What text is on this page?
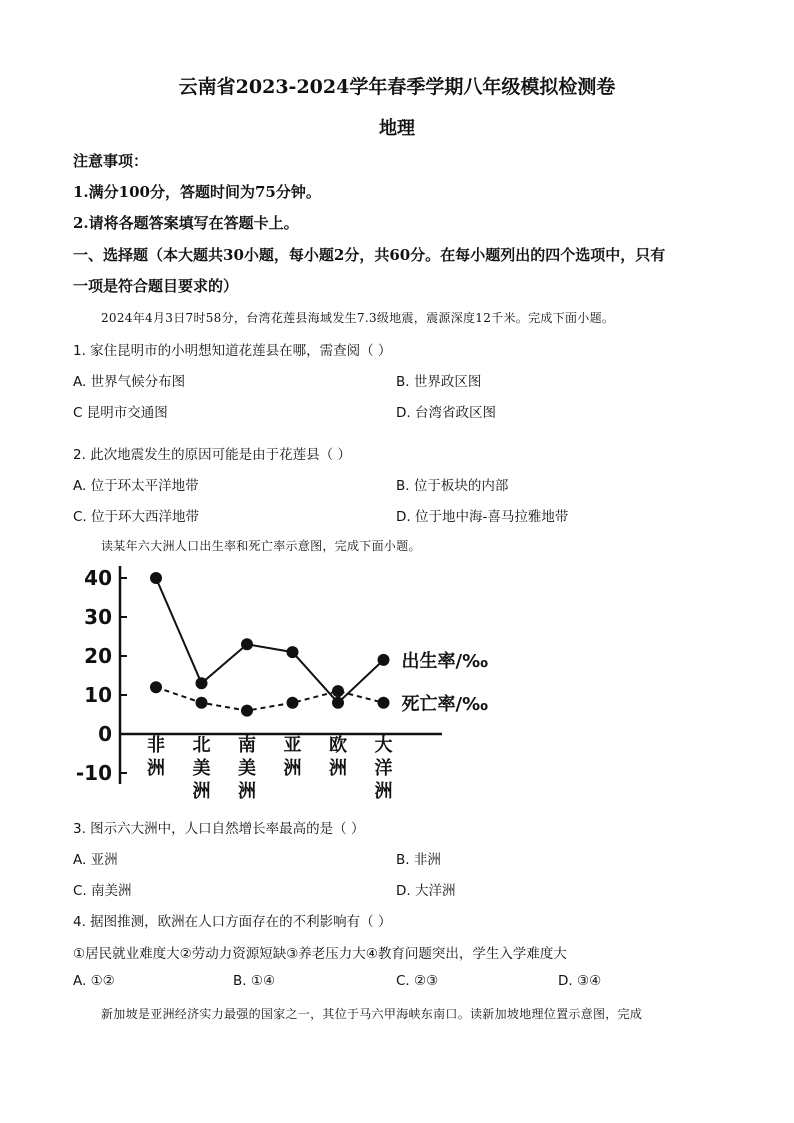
云南省2023-2024学年春季学期八年级模拟检测卷
地理
注意事项：
1.满分100分，答题时间为75分钟。
2.请将各题答案填写在答题卡上。
一、选择题（本大题共30小题，每小题2分，共60分。在每小题列出的四个选项中，只有
一项是符合题目要求的）
2024年4月3日7时58分，台湾花莲县海域发生7.3级地震，震源深度12千米。完成下面小题。
1. 家住昆明市的小明想知道花莲县在哪，需查阅（ ）
A. 世界气候分布图	B. 世界政区图
C 昆明市交通图	D. 台湾省政区图
2. 此次地震发生的原因可能是由于花莲县（ ）
A. 位于环太平洋地带	B. 位于板块的内部
C. 位于环大西洋地带	D. 位于地中海-喜马拉雅地带
读某年六大洲人口出生率和死亡率示意图，完成下面小题。
40
30
20
10
0
-10
非
洲
北
美
洲
南
美
洲
亚
洲
欧
洲
大
洋
洲
出生率/‰
死亡率/‰
3. 图示六大洲中，人口自然增长率最高的是（ ）
A. 亚洲	B. 非洲
C. 南美洲	D. 大洋洲
4. 据图推测，欧洲在人口方面存在的不利影响有（ ）
①居民就业难度大②劳动力资源短缺③养老压力大④教育问题突出，学生入学难度大
A. ①②	B. ①④	C. ②③	D. ③④
新加坡是亚洲经济实力最强的国家之一，其位于马六甲海峡东南口。读新加坡地理位置示意图，完成
